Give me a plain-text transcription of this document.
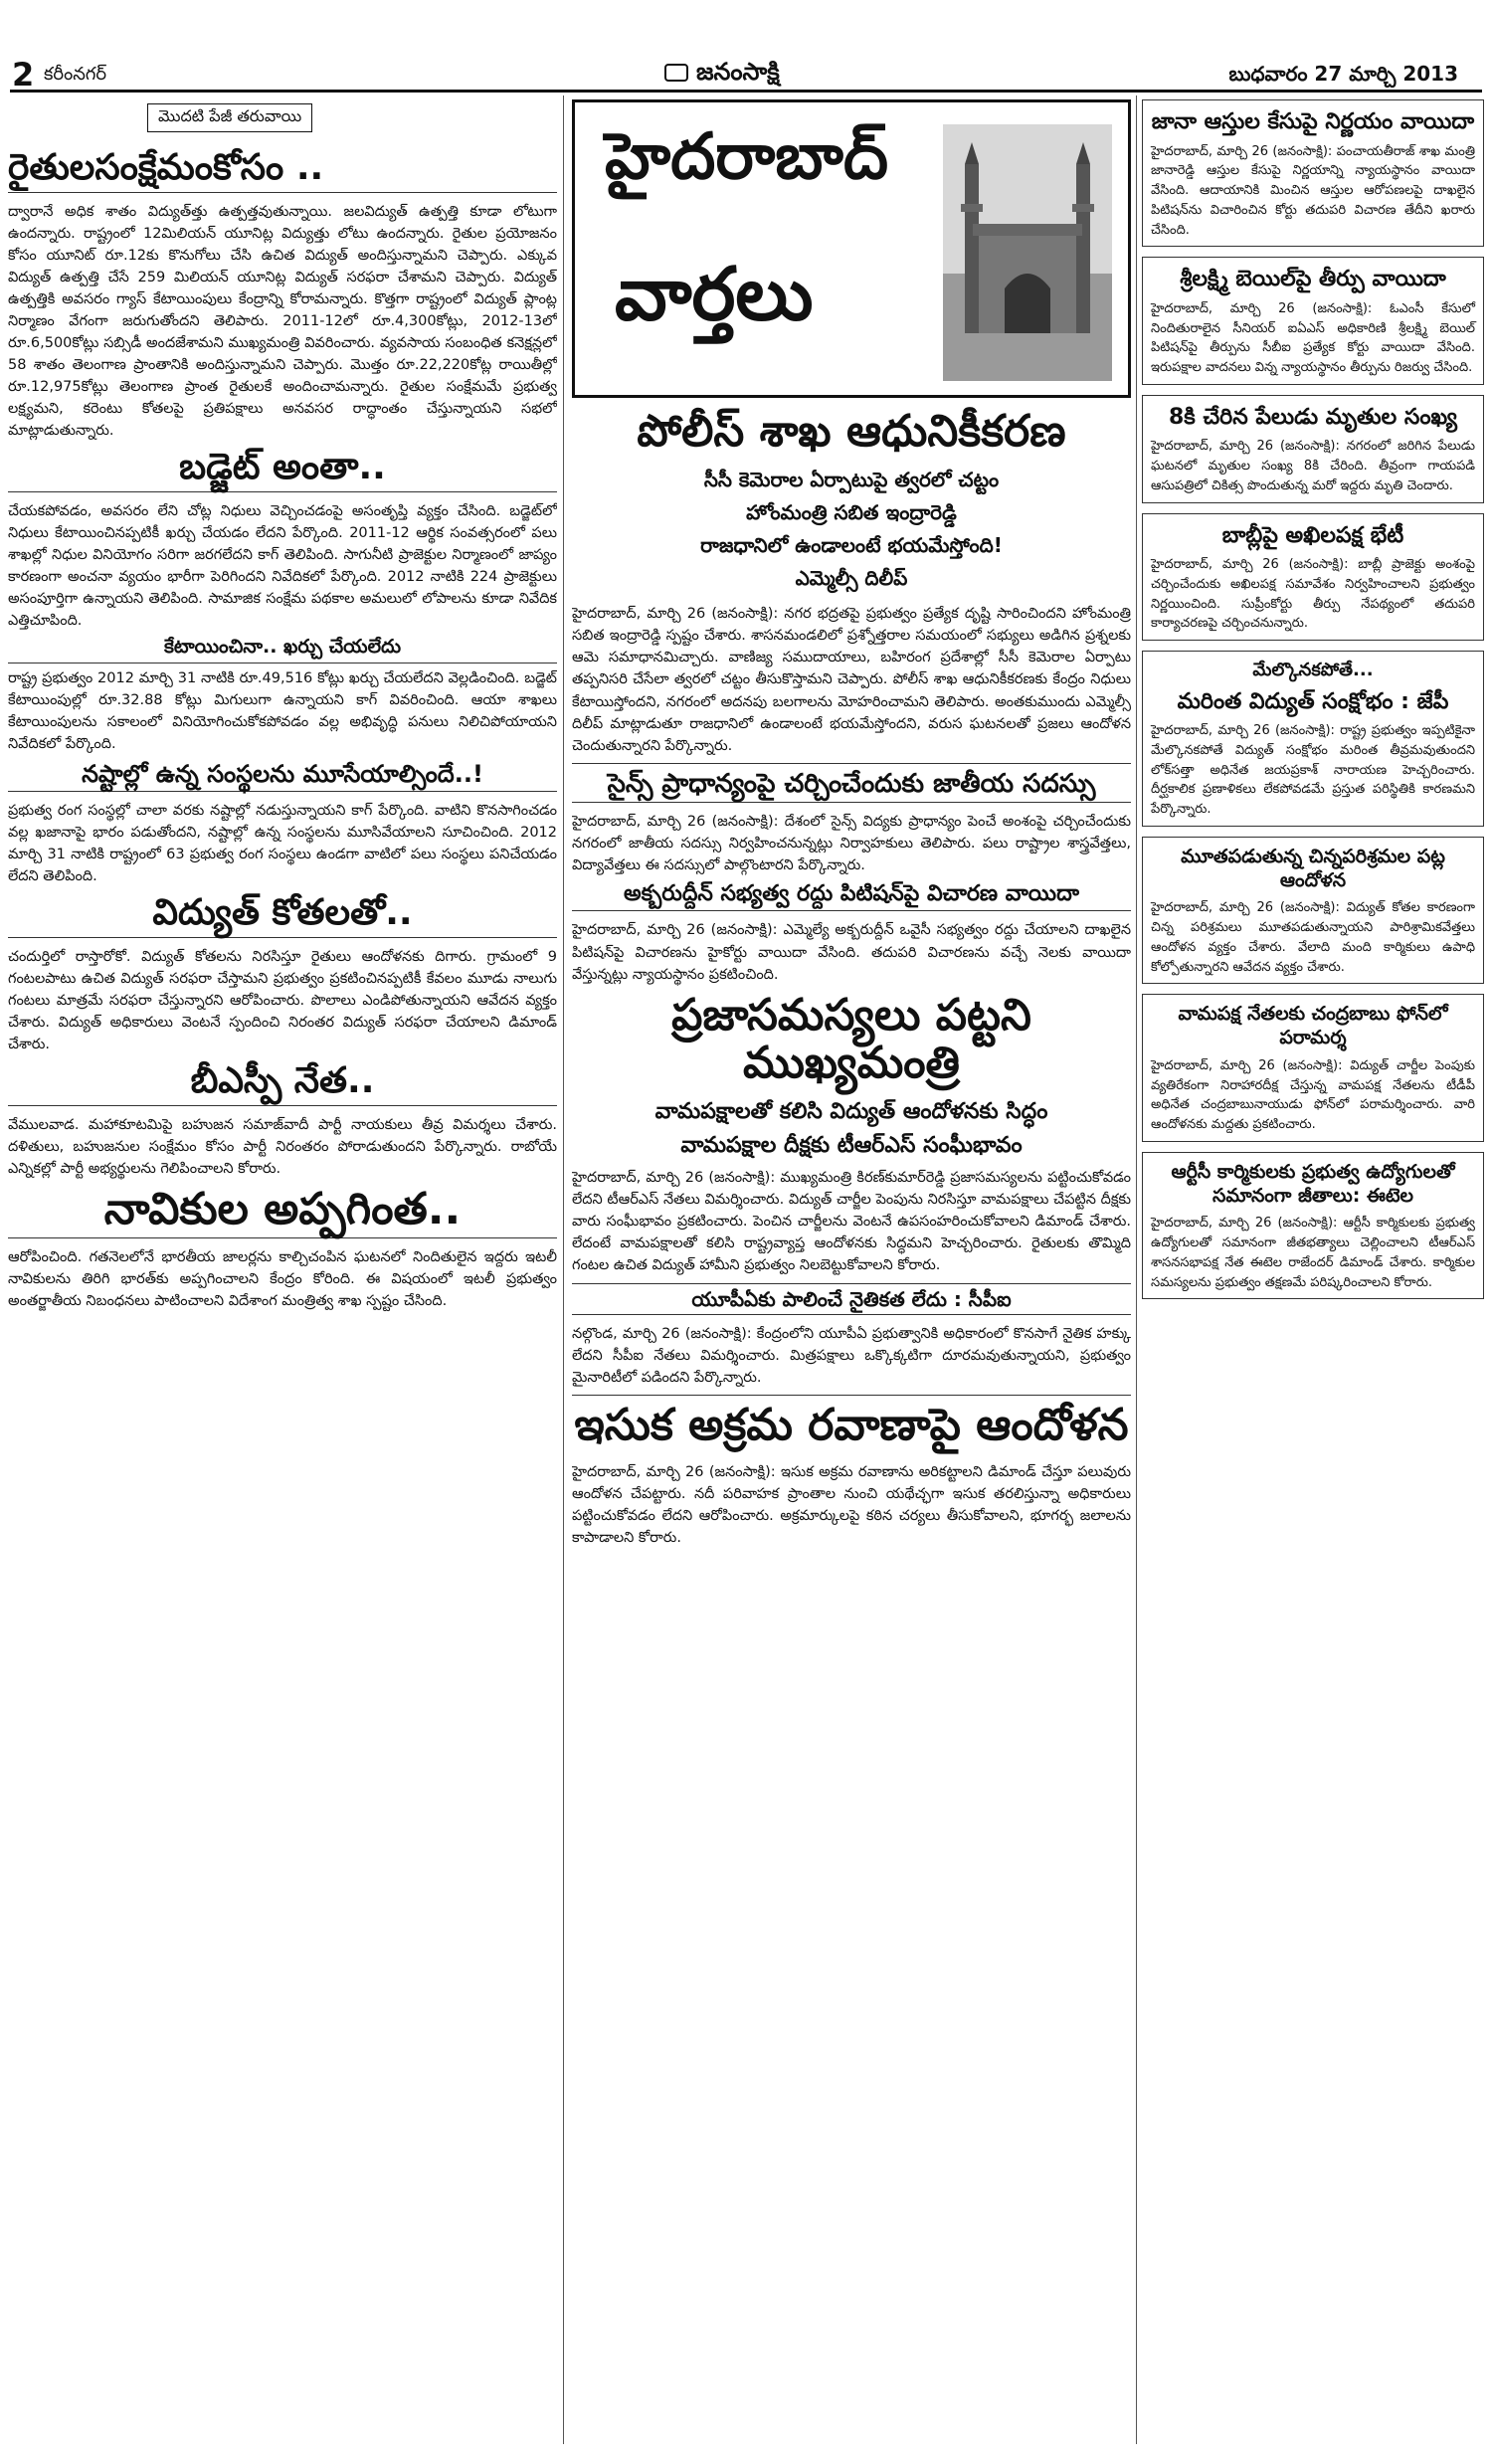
2 కరీంనగర్	జనంసాక్షి	బుధవారం 27 మార్చి 2013
మొదటి పేజీ తరువాయి
రైతులసంక్షేమంకోసం ..

ద్వారానే అధిక శాతం విద్యుత్‌త్తు ఉత్పత్తవుతున్నాయి. జలవిద్యుత్ ఉత్పత్తి కూడా లోటుగా ఉందన్నారు. రాష్ట్రంలో 12మిలియన్ యూనిట్ల విద్యుత్తు లోటు ఉందన్నారు. రైతుల ప్రయోజనం కోసం యూనిట్ రూ.12కు కొనుగోలు చేసి ఉచిత విద్యుత్ అందిస్తున్నామని చెప్పారు. ఎక్కువ విద్యుత్ ఉత్పత్తి చేసే 259 మిలియన్ యూనిట్ల విద్యుత్ సరఫరా చేశామని చెప్పారు. విద్యుత్ ఉత్పత్తికి అవసరం గ్యాస్ కేటాయింపులు కేంద్రాన్ని కోరామన్నారు. కొత్తగా రాష్ట్రంలో విద్యుత్ ప్లాంట్ల నిర్మాణం వేగంగా జరుగుతోందని తెలిపారు. 2011-12లో రూ.4,300కోట్లు, 2012-13లో రూ.6,500కోట్లు సబ్సిడీ అందజేశామని ముఖ్యమంత్రి వివరించారు. వ్యవసాయ సంబంధిత కనెక్షన్లలో 58 శాతం తెలంగాణ ప్రాంతానికి అందిస్తున్నామని చెప్పారు. మొత్తం రూ.22,220కోట్ల రాయితీల్లో రూ.12,975కోట్లు తెలంగాణ ప్రాంత రైతులకే అందించామన్నారు. రైతుల సంక్షేమమే ప్రభుత్వ లక్ష్యమని, కరెంటు కోతలపై ప్రతిపక్షాలు అనవసర రాద్ధాంతం చేస్తున్నాయని సభలో మాట్లాడుతున్నారు.

బడ్జెట్ అంతా..

చేయకపోవడం, అవసరం లేని చోట్ల నిధులు వెచ్చించడంపై అసంతృప్తి వ్యక్తం చేసింది. బడ్జెట్‌లో నిధులు కేటాయించినప్పటికీ ఖర్చు చేయడం లేదని పేర్కొంది. 2011-12 ఆర్థిక సంవత్సరంలో పలు శాఖల్లో నిధుల వినియోగం సరిగా జరగలేదని కాగ్ తెలిపింది. సాగునీటి ప్రాజెక్టుల నిర్మాణంలో జాప్యం కారణంగా అంచనా వ్యయం భారీగా పెరిగిందని నివేదికలో పేర్కొంది. 2012 నాటికి 224 ప్రాజెక్టులు అసంపూర్తిగా ఉన్నాయని తెలిపింది. సామాజిక సంక్షేమ పథకాల అమలులో లోపాలను కూడా నివేదిక ఎత్తిచూపింది.

కేటాయించినా.. ఖర్చు చేయలేదు

రాష్ట్ర ప్రభుత్వం 2012 మార్చి 31 నాటికి రూ.49,516 కోట్లు ఖర్చు చేయలేదని వెల్లడించింది. బడ్జెట్ కేటాయింపుల్లో రూ.32.88 కోట్లు మిగులుగా ఉన్నాయని కాగ్ వివరించింది. ఆయా శాఖలు కేటాయింపులను సకాలంలో వినియోగించుకోకపోవడం వల్ల అభివృద్ధి పనులు నిలిచిపోయాయని నివేదికలో పేర్కొంది.

నష్టాల్లో ఉన్న సంస్థలను మూసేయాల్సిందే..!

ప్రభుత్వ రంగ సంస్థల్లో చాలా వరకు నష్టాల్లో నడుస్తున్నాయని కాగ్ పేర్కొంది. వాటిని కొనసాగించడం వల్ల ఖజానాపై భారం పడుతోందని, నష్టాల్లో ఉన్న సంస్థలను మూసివేయాలని సూచించింది. 2012 మార్చి 31 నాటికి రాష్ట్రంలో 63 ప్రభుత్వ రంగ సంస్థలు ఉండగా వాటిలో పలు సంస్థలు పనిచేయడం లేదని తెలిపింది.

విద్యుత్ కోతలతో..

చందుర్తిలో రాస్తారోకో. విద్యుత్ కోతలను నిరసిస్తూ రైతులు ఆందోళనకు దిగారు. గ్రామంలో 9 గంటలపాటు ఉచిత విద్యుత్ సరఫరా చేస్తామని ప్రభుత్వం ప్రకటించినప్పటికీ కేవలం మూడు నాలుగు గంటలు మాత్రమే సరఫరా చేస్తున్నారని ఆరోపించారు. పొలాలు ఎండిపోతున్నాయని ఆవేదన వ్యక్తం చేశారు. విద్యుత్ అధికారులు వెంటనే స్పందించి నిరంతర విద్యుత్ సరఫరా చేయాలని డిమాండ్ చేశారు.

బీఎస్పీ నేత..

వేములవాడ. మహాకూటమిపై బహుజన సమాజ్‌వాదీ పార్టీ నాయకులు తీవ్ర విమర్శలు చేశారు. దళితులు, బహుజనుల సంక్షేమం కోసం పార్టీ నిరంతరం పోరాడుతుందని పేర్కొన్నారు. రాబోయే ఎన్నికల్లో పార్టీ అభ్యర్థులను గెలిపించాలని కోరారు.

నావికుల అప్పగింత..

ఆరోపించింది. గతనెలలోనే భారతీయ జాలర్లను కాల్చిచంపిన ఘటనలో నిందితులైన ఇద్దరు ఇటలీ నావికులను తిరిగి భారత్‌కు అప్పగించాలని కేంద్రం కోరింది. ఈ విషయంలో ఇటలీ ప్రభుత్వం అంతర్జాతీయ నిబంధనలు పాటించాలని విదేశాంగ మంత్రిత్వ శాఖ స్పష్టం చేసింది.

హైదరాబాద్
వార్తలు
పోలీస్ శాఖ ఆధునికీకరణ
సీసీ కెమెరాల ఏర్పాటుపై త్వరలో చట్టం
హోంమంత్రి సబిత ఇంద్రారెడ్డి
రాజధానిలో ఉండాలంటే భయమేస్తోంది!
ఎమ్మెల్సీ దిలీప్

హైదరాబాద్, మార్చి 26 (జనంసాక్షి): నగర భద్రతపై ప్రభుత్వం ప్రత్యేక దృష్టి సారించిందని హోంమంత్రి సబిత ఇంద్రారెడ్డి స్పష్టం చేశారు. శాసనమండలిలో ప్రశ్నోత్తరాల సమయంలో సభ్యులు అడిగిన ప్రశ్నలకు ఆమె సమాధానమిచ్చారు. వాణిజ్య సముదాయాలు, బహిరంగ ప్రదేశాల్లో సీసీ కెమెరాల ఏర్పాటు తప్పనిసరి చేసేలా త్వరలో చట్టం తీసుకొస్తామని చెప్పారు. పోలీస్ శాఖ ఆధునికీకరణకు కేంద్రం నిధులు కేటాయిస్తోందని, నగరంలో అదనపు బలగాలను మోహరించామని తెలిపారు. అంతకుముందు ఎమ్మెల్సీ దిలీప్ మాట్లాడుతూ రాజధానిలో ఉండాలంటే భయమేస్తోందని, వరుస ఘటనలతో ప్రజలు ఆందోళన చెందుతున్నారని పేర్కొన్నారు.

సైన్స్ ప్రాధాన్యంపై చర్చించేందుకు జాతీయ సదస్సు

హైదరాబాద్, మార్చి 26 (జనంసాక్షి): దేశంలో సైన్స్ విద్యకు ప్రాధాన్యం పెంచే అంశంపై చర్చించేందుకు నగరంలో జాతీయ సదస్సు నిర్వహించనున్నట్లు నిర్వాహకులు తెలిపారు. పలు రాష్ట్రాల శాస్త్రవేత్తలు, విద్యావేత్తలు ఈ సదస్సులో పాల్గొంటారని పేర్కొన్నారు.

అక్బరుద్దీన్ సభ్యత్వ రద్దు పిటిషన్‌పై విచారణ వాయిదా

హైదరాబాద్, మార్చి 26 (జనంసాక్షి): ఎమ్మెల్యే అక్బరుద్దీన్ ఒవైసీ సభ్యత్వం రద్దు చేయాలని దాఖలైన పిటిషన్‌పై విచారణను హైకోర్టు వాయిదా వేసింది. తదుపరి విచారణను వచ్చే నెలకు వాయిదా వేస్తున్నట్లు న్యాయస్థానం ప్రకటించింది.

ప్రజాసమస్యలు పట్టని ముఖ్యమంత్రి
వామపక్షాలతో కలిసి విద్యుత్ ఆందోళనకు సిద్ధం
వామపక్షాల దీక్షకు టీఆర్ఎస్ సంఘీభావం

హైదరాబాద్, మార్చి 26 (జనంసాక్షి): ముఖ్యమంత్రి కిరణ్‌కుమార్‌రెడ్డి ప్రజాసమస్యలను పట్టించుకోవడం లేదని టీఆర్ఎస్ నేతలు విమర్శించారు. విద్యుత్ చార్జీల పెంపును నిరసిస్తూ వామపక్షాలు చేపట్టిన దీక్షకు వారు సంఘీభావం ప్రకటించారు. పెంచిన చార్జీలను వెంటనే ఉపసంహరించుకోవాలని డిమాండ్ చేశారు. లేదంటే వామపక్షాలతో కలిసి రాష్ట్రవ్యాప్త ఆందోళనకు సిద్ధమని హెచ్చరించారు. రైతులకు తొమ్మిది గంటల ఉచిత విద్యుత్ హామీని ప్రభుత్వం నిలబెట్టుకోవాలని కోరారు.

యూపీఏకు పాలించే నైతికత లేదు : సీపీఐ

నల్గొండ, మార్చి 26 (జనంసాక్షి): కేంద్రంలోని యూపీఏ ప్రభుత్వానికి అధికారంలో కొనసాగే నైతిక హక్కు లేదని సీపీఐ నేతలు విమర్శించారు. మిత్రపక్షాలు ఒక్కొక్కటిగా దూరమవుతున్నాయని, ప్రభుత్వం మైనారిటీలో పడిందని పేర్కొన్నారు.

ఇసుక అక్రమ రవాణాపై ఆందోళన

హైదరాబాద్, మార్చి 26 (జనంసాక్షి): ఇసుక అక్రమ రవాణాను అరికట్టాలని డిమాండ్ చేస్తూ పలువురు ఆందోళన చేపట్టారు. నదీ పరివాహక ప్రాంతాల నుంచి యథేచ్ఛగా ఇసుక తరలిస్తున్నా అధికారులు పట్టించుకోవడం లేదని ఆరోపించారు. అక్రమార్కులపై కఠిన చర్యలు తీసుకోవాలని, భూగర్భ జలాలను కాపాడాలని కోరారు.

జానా ఆస్తుల కేసుపై నిర్ణయం వాయిదా

హైదరాబాద్, మార్చి 26 (జనంసాక్షి): పంచాయతీరాజ్ శాఖ మంత్రి జానారెడ్డి ఆస్తుల కేసుపై నిర్ణయాన్ని న్యాయస్థానం వాయిదా వేసింది. ఆదాయానికి మించిన ఆస్తుల ఆరోపణలపై దాఖలైన పిటిషన్‌ను విచారించిన కోర్టు తదుపరి విచారణ తేదీని ఖరారు చేసింది.

శ్రీలక్ష్మి బెయిల్‌పై తీర్పు వాయిదా

హైదరాబాద్, మార్చి 26 (జనంసాక్షి): ఓఎంసీ కేసులో నిందితురాలైన సీనియర్ ఐఏఎస్ అధికారిణి శ్రీలక్ష్మి బెయిల్ పిటిషన్‌పై తీర్పును సీబీఐ ప్రత్యేక కోర్టు వాయిదా వేసింది. ఇరుపక్షాల వాదనలు విన్న న్యాయస్థానం తీర్పును రిజర్వు చేసింది.

8కి చేరిన పేలుడు మృతుల సంఖ్య

హైదరాబాద్, మార్చి 26 (జనంసాక్షి): నగరంలో జరిగిన పేలుడు ఘటనలో మృతుల సంఖ్య 8కి చేరింది. తీవ్రంగా గాయపడి ఆసుపత్రిలో చికిత్స పొందుతున్న మరో ఇద్దరు మృతి చెందారు.

బాబ్లీపై అఖిలపక్ష భేటీ

హైదరాబాద్, మార్చి 26 (జనంసాక్షి): బాబ్లీ ప్రాజెక్టు అంశంపై చర్చించేందుకు అఖిలపక్ష సమావేశం నిర్వహించాలని ప్రభుత్వం నిర్ణయించింది. సుప్రీంకోర్టు తీర్పు నేపథ్యంలో తదుపరి కార్యాచరణపై చర్చించనున్నారు.

మేల్కొనకపోతే...
మరింత విద్యుత్ సంక్షోభం : జేపీ

హైదరాబాద్, మార్చి 26 (జనంసాక్షి): రాష్ట్ర ప్రభుత్వం ఇప్పటికైనా మేల్కొనకపోతే విద్యుత్ సంక్షోభం మరింత తీవ్రమవుతుందని లోక్‌సత్తా అధినేత జయప్రకాశ్ నారాయణ హెచ్చరించారు. దీర్ఘకాలిక ప్రణాళికలు లేకపోవడమే ప్రస్తుత పరిస్థితికి కారణమని పేర్కొన్నారు.

మూతపడుతున్న చిన్నపరిశ్రమల పట్ల ఆందోళన

హైదరాబాద్, మార్చి 26 (జనంసాక్షి): విద్యుత్ కోతల కారణంగా చిన్న పరిశ్రమలు మూతపడుతున్నాయని పారిశ్రామికవేత్తలు ఆందోళన వ్యక్తం చేశారు. వేలాది మంది కార్మికులు ఉపాధి కోల్పోతున్నారని ఆవేదన వ్యక్తం చేశారు.

వామపక్ష నేతలకు చంద్రబాబు ఫోన్‌లో పరామర్శ

హైదరాబాద్, మార్చి 26 (జనంసాక్షి): విద్యుత్ చార్జీల పెంపుకు వ్యతిరేకంగా నిరాహారదీక్ష చేస్తున్న వామపక్ష నేతలను టీడీపీ అధినేత చంద్రబాబునాయుడు ఫోన్‌లో పరామర్శించారు. వారి ఆందోళనకు మద్దతు ప్రకటించారు.

ఆర్టీసీ కార్మికులకు ప్రభుత్వ ఉద్యోగులతో సమానంగా జీతాలు: ఈటెల

హైదరాబాద్, మార్చి 26 (జనంసాక్షి): ఆర్టీసీ కార్మికులకు ప్రభుత్వ ఉద్యోగులతో సమానంగా జీతభత్యాలు చెల్లించాలని టీఆర్ఎస్ శాసనసభాపక్ష నేత ఈటెల రాజేందర్ డిమాండ్ చేశారు. కార్మికుల సమస్యలను ప్రభుత్వం తక్షణమే పరిష్కరించాలని కోరారు.
